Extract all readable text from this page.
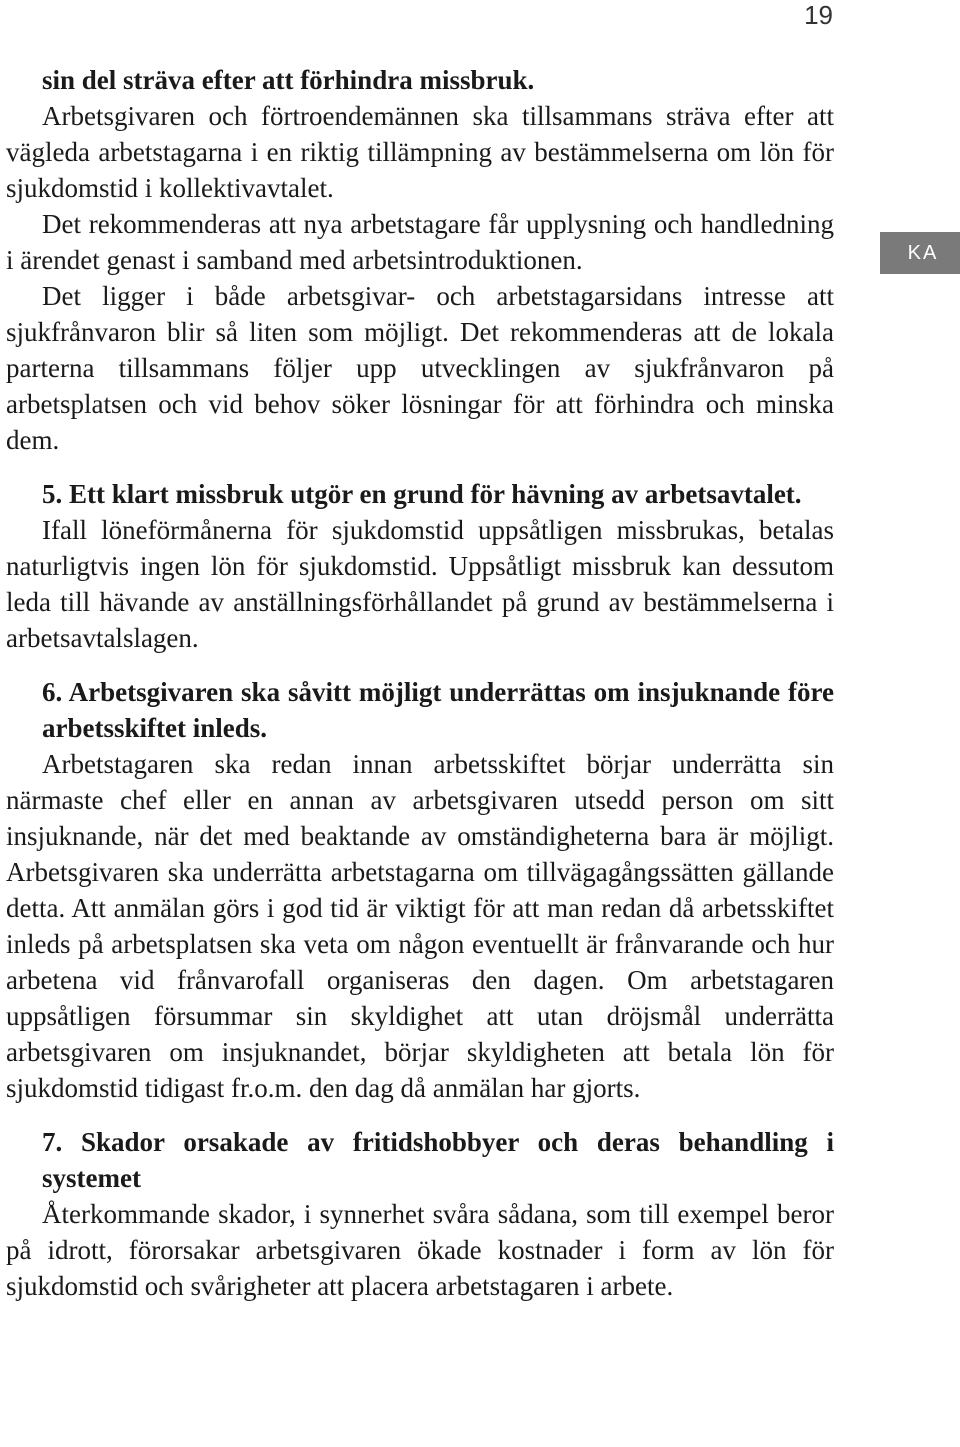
19
KA

sin del sträva efter att förhindra missbruk.

Arbetsgivaren och förtroendemännen ska tillsammans sträva efter att vägleda arbetstagarna i en riktig tillämpning av bestämmelserna om lön för sjukdomstid i kollektivavtalet.

Det rekommenderas att nya arbetstagare får upplysning och handledning i ärendet genast i samband med arbetsintroduktionen.

Det ligger i både arbetsgivar- och arbetstagarsidans intresse att sjukfrånvaron blir så liten som möjligt. Det rekommenderas att de lokala parterna tillsammans följer upp utvecklingen av sjukfrånvaron på arbetsplatsen och vid behov söker lösningar för att förhindra och minska dem.

5. Ett klart missbruk utgör en grund för hävning av arbetsavtalet.

Ifall löneförmånerna för sjukdomstid uppsåtligen missbrukas, betalas naturligtvis ingen lön för sjukdomstid. Uppsåtligt missbruk kan dessutom leda till hävande av anställningsförhållandet på grund av bestämmelserna i arbetsavtalslagen.

6. Arbetsgivaren ska såvitt möjligt underrättas om insjuknande före arbetsskiftet inleds.

Arbetstagaren ska redan innan arbetsskiftet börjar underrätta sin närmaste chef eller en annan av arbetsgivaren utsedd person om sitt insjuknande, när det med beaktande av omständigheterna bara är möjligt. Arbetsgivaren ska underrätta arbetstagarna om tillvägagångssätten gällande detta. Att anmälan görs i god tid är viktigt för att man redan då arbetsskiftet inleds på arbetsplatsen ska veta om någon eventuellt är frånvarande och hur arbetena vid frånvarofall organiseras den dagen. Om arbetstagaren uppsåtligen försummar sin skyldighet att utan dröjsmål underrätta arbetsgivaren om insjuknandet, börjar skyldigheten att betala lön för sjukdomstid tidigast fr.o.m. den dag då anmälan har gjorts.

7. Skador orsakade av fritidshobbyer och deras behandling i systemet

Återkommande skador, i synnerhet svåra sådana, som till exempel beror på idrott, förorsakar arbetsgivaren ökade kostnader i form av lön för sjukdomstid och svårigheter att placera arbetstagaren i arbete.
